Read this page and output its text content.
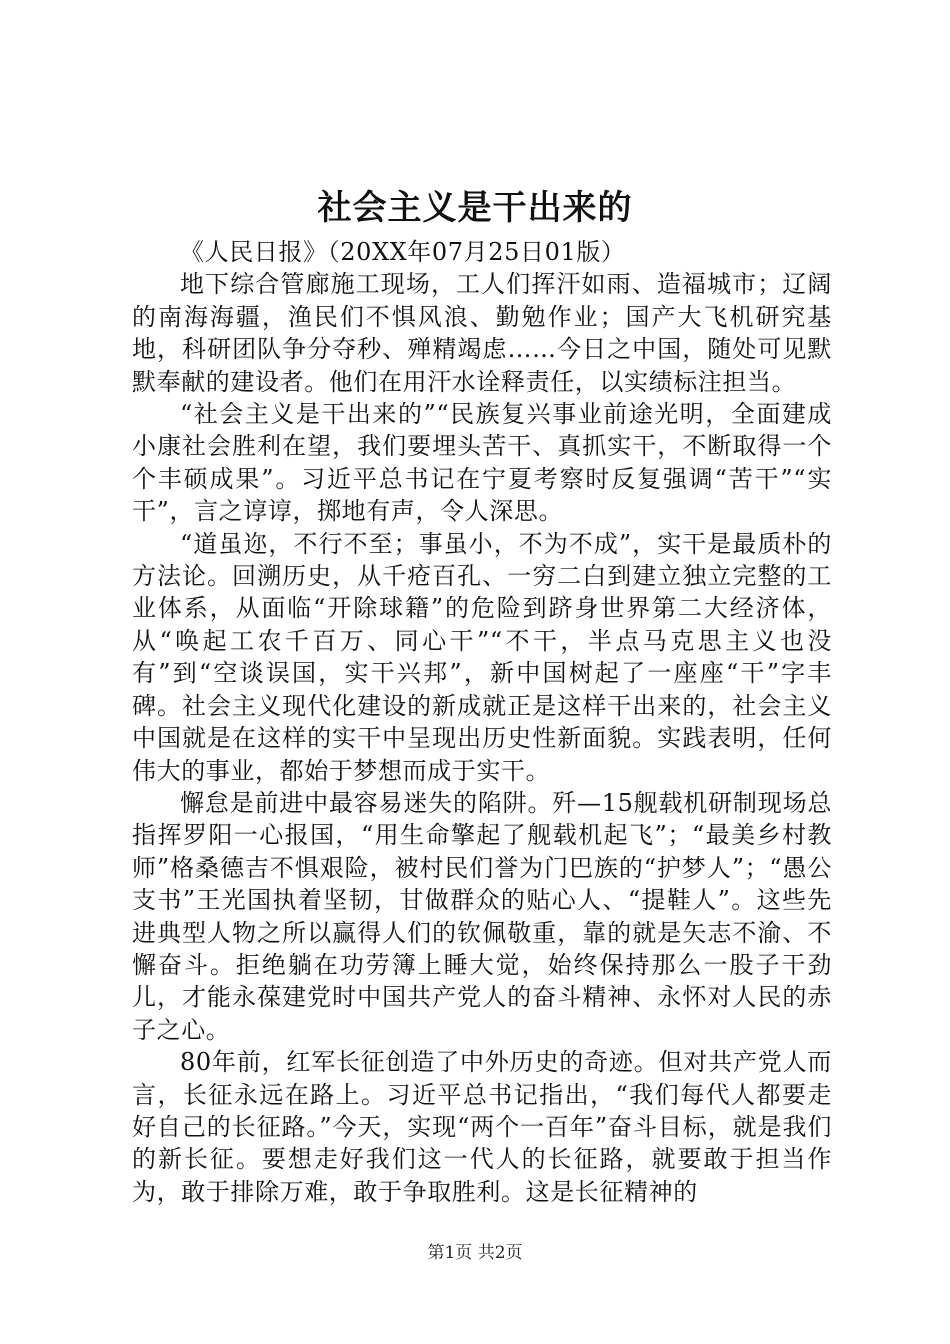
社会主义是干出来的
《人民日报》（20XX年07月25日01版）

地下综合管廊施工现场，工人们挥汗如雨、造福城市；辽阔的南海海疆，渔民们不惧风浪、勤勉作业；国产大飞机研究基地，科研团队争分夺秒、殚精竭虑……今日之中国，随处可见默默奉献的建设者。他们在用汗水诠释责任，以实绩标注担当。

“社会主义是干出来的”“民族复兴事业前途光明，全面建成小康社会胜利在望，我们要埋头苦干、真抓实干，不断取得一个个丰硕成果”。习近平总书记在宁夏考察时反复强调“苦干”“实干”，言之谆谆，掷地有声，令人深思。

“道虽迩，不行不至；事虽小，不为不成”，实干是最质朴的方法论。回溯历史，从千疮百孔、一穷二白到建立独立完整的工业体系，从面临“开除球籍”的危险到跻身世界第二大经济体，从“唤起工农千百万、同心干”“不干，半点马克思主义也没有”到“空谈误国，实干兴邦”，新中国树起了一座座“干”字丰碑。社会主义现代化建设的新成就正是这样干出来的，社会主义中国就是在这样的实干中呈现出历史性新面貌。实践表明，任何伟大的事业，都始于梦想而成于实干。

懈怠是前进中最容易迷失的陷阱。歼—15舰载机研制现场总指挥罗阳一心报国，“用生命擎起了舰载机起飞”；“最美乡村教师”格桑德吉不惧艰险，被村民们誉为门巴族的“护梦人”；“愚公支书”王光国执着坚韧，甘做群众的贴心人、“提鞋人”。这些先进典型人物之所以赢得人们的钦佩敬重，靠的就是矢志不渝、不懈奋斗。拒绝躺在功劳簿上睡大觉，始终保持那么一股子干劲儿，才能永葆建党时中国共产党人的奋斗精神、永怀对人民的赤子之心。

80年前，红军长征创造了中外历史的奇迹。但对共产党人而言，长征永远在路上。习近平总书记指出，“我们每代人都要走好自己的长征路。”今天，实现“两个一百年”奋斗目标，就是我们的新长征。要想走好我们这一代人的长征路，就要敢于担当作为，敢于排除万难，敢于争取胜利。这是长征精神的

第1页 共2页
